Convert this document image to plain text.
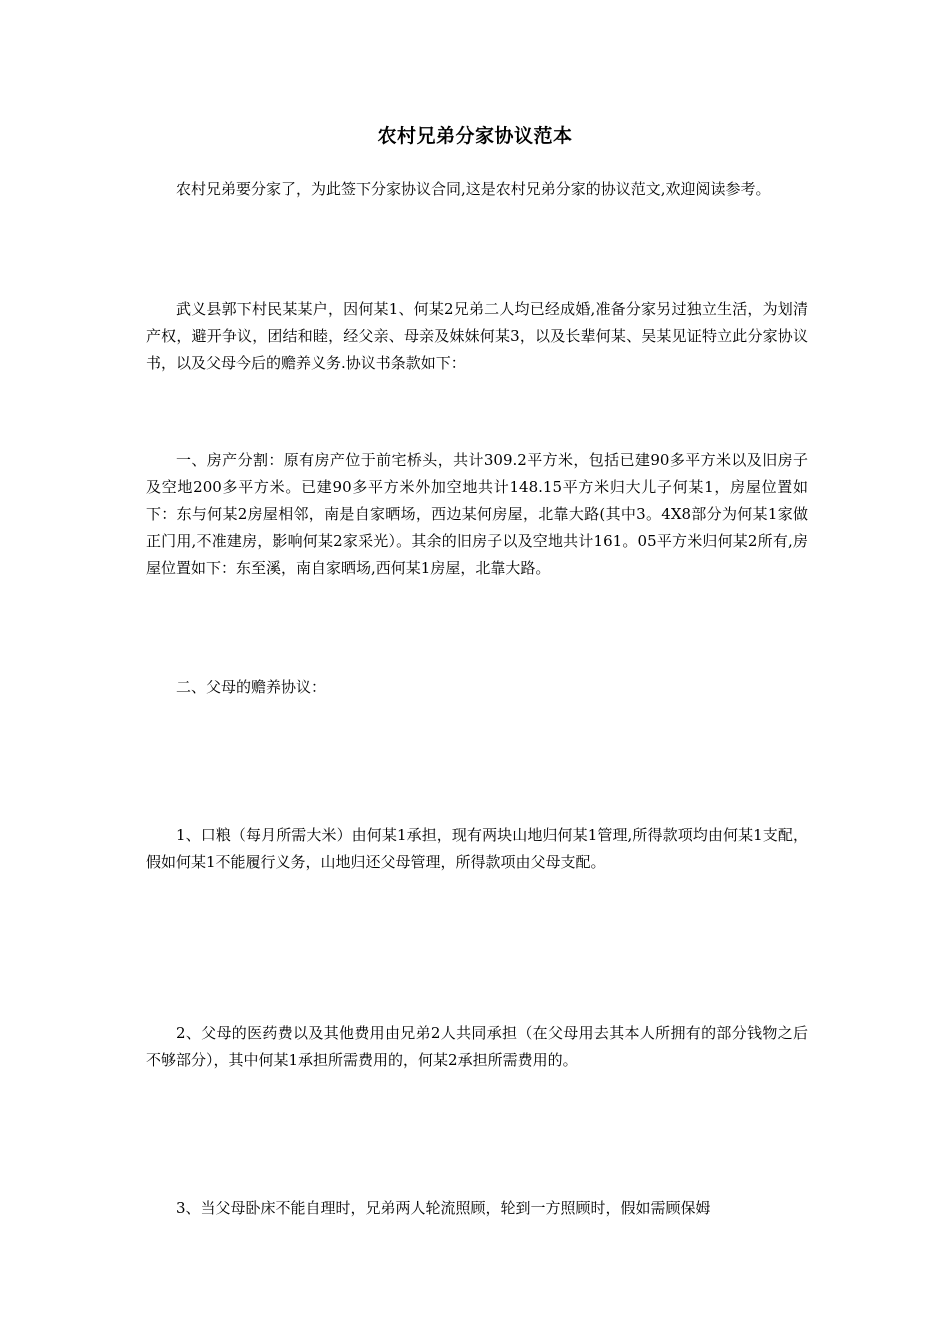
农村兄弟分家协议范本

农村兄弟要分家了，为此签下分家协议合同,这是农村兄弟分家的协议范文,欢迎阅读参考。

武义县郭下村民某某户，因何某1、何某2兄弟二人均已经成婚,准备分家另过独立生活，为划清产权，避开争议，团结和睦，经父亲、母亲及妹妹何某3，以及长辈何某、吴某见证特立此分家协议书，以及父母今后的赡养义务.协议书条款如下：

一、房产分割：原有房产位于前宅桥头，共计309.2平方米，包括已建90多平方米以及旧房子及空地200多平方米。已建90多平方米外加空地共计148.15平方米归大儿子何某1，房屋位置如下：东与何某2房屋相邻，南是自家晒场，西边某何房屋，北靠大路(其中3。4X8部分为何某1家做正门用,不准建房，影响何某2家采光）。其余的旧房子以及空地共计161。05平方米归何某2所有,房屋位置如下：东至溪，南自家晒场,西何某1房屋，北靠大路。

二、父母的赡养协议：

1、口粮（每月所需大米）由何某1承担，现有两块山地归何某1管理,所得款项均由何某1支配，假如何某1不能履行义务，山地归还父母管理，所得款项由父母支配。

2、父母的医药费以及其他费用由兄弟2人共同承担（在父母用去其本人所拥有的部分钱物之后不够部分），其中何某1承担所需费用的，何某2承担所需费用的。

3、当父母卧床不能自理时，兄弟两人轮流照顾，轮到一方照顾时，假如需顾保姆
